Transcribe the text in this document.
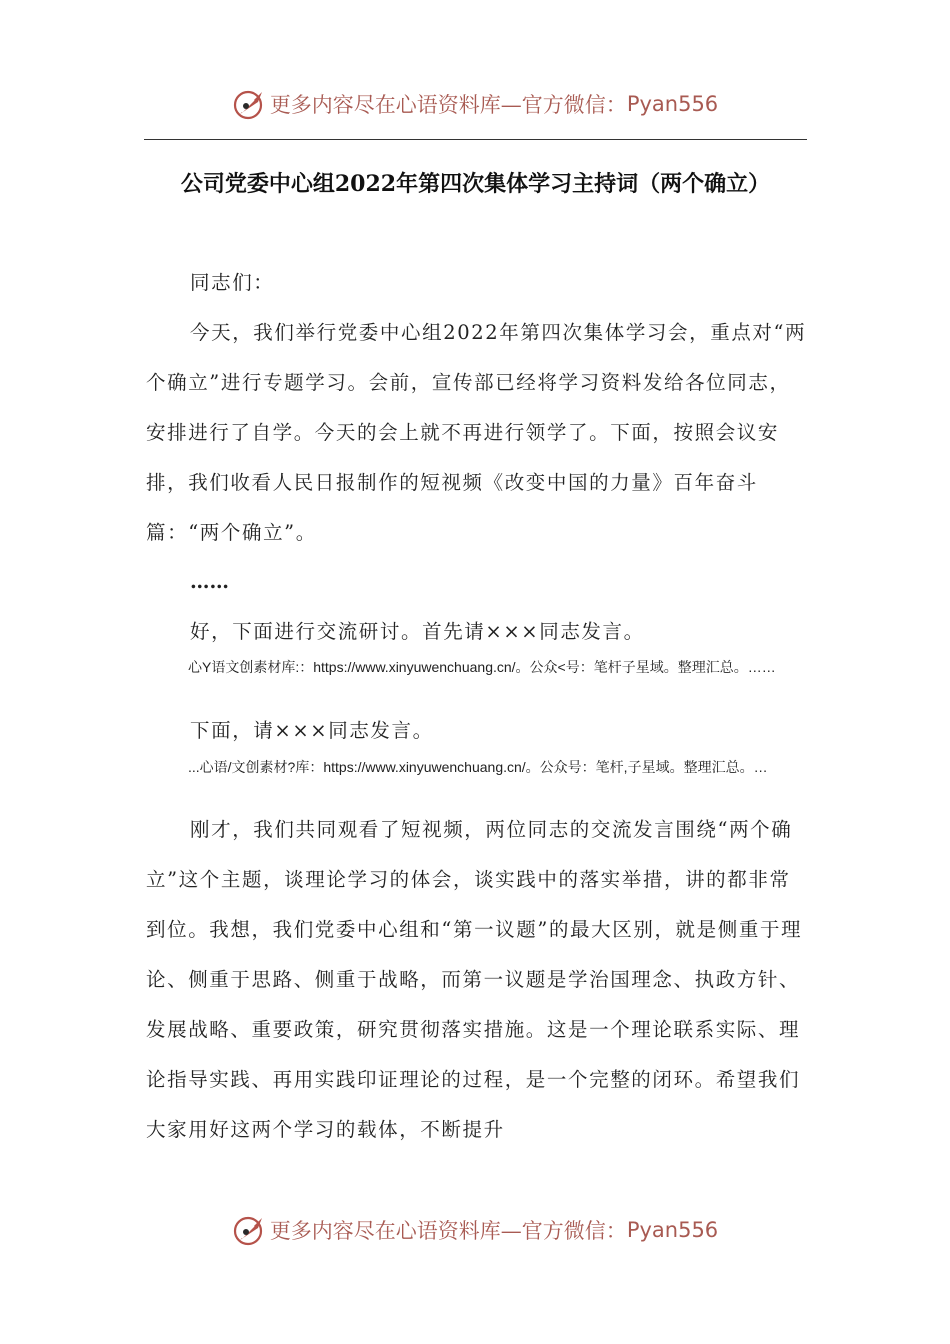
更多内容尽在心语资料库—官方微信： Pyan556
公司党委中心组2022年第四次集体学习主持词（两个确立）

同志们：

今天，我们举行党委中心组2022年第四次集体学习会，重点对“两个确立”进行专题学习。会前，宣传部已经将学习资料发给各位同志，安排进行了自学。今天的会上就不再进行领学了。下面，按照会议安排，我们收看人民日报制作的短视频《改变中国的力量》百年奋斗篇：“两个确立”。

……

好，下面进行交流研讨。首先请×××同志发言。

心Y语文创素材库:：https://www.xinyuwenchuang.cn/。公众<号：笔杆子星域。整理汇总。……

下面，请×××同志发言。

...心语/文创素材?库：https://www.xinyuwenchuang.cn/。公众号：笔杆,子星域。整理汇总。…

刚才，我们共同观看了短视频，两位同志的交流发言围绕“两个确立”这个主题，谈理论学习的体会，谈实践中的落实举措，讲的都非常到位。我想，我们党委中心组和“第一议题”的最大区别，就是侧重于理论、侧重于思路、侧重于战略，而第一议题是学治国理念、执政方针、发展战略、重要政策，研究贯彻落实措施。这是一个理论联系实际、理论指导实践、再用实践印证理论的过程，是一个完整的闭环。希望我们大家用好这两个学习的载体，不断提升

更多内容尽在心语资料库—官方微信： Pyan556
